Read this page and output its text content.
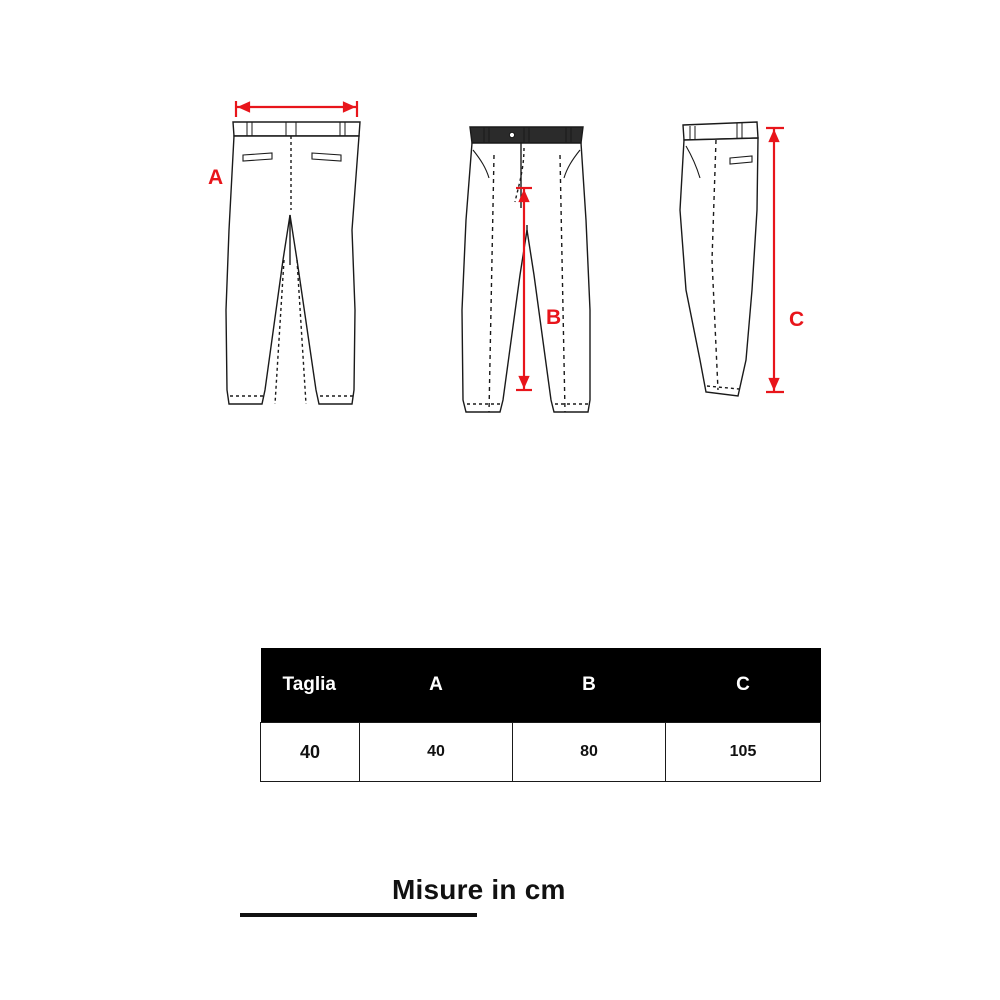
A
B	C
Misure in cm
Taglia	A	B	C
40	40	80	105
